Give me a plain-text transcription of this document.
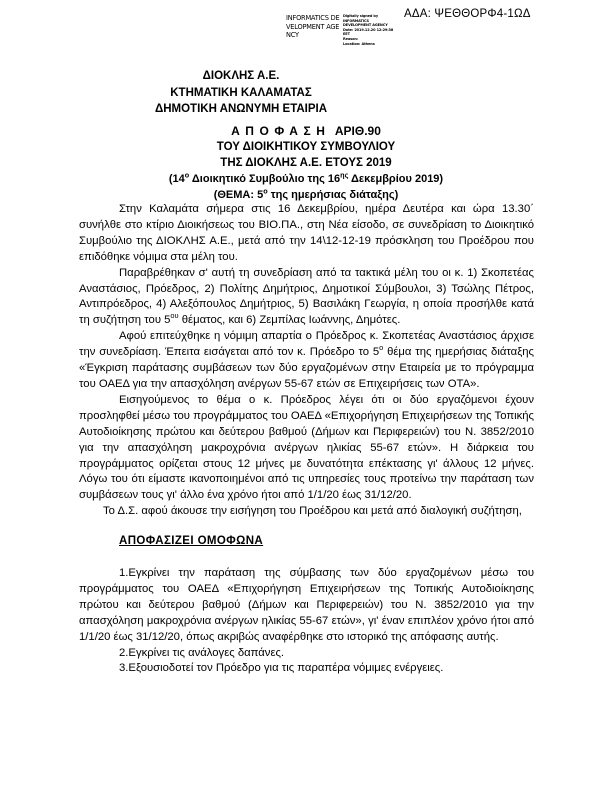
ΑΔΑ: ΨΕΘΘΟΡΦ4-1ΩΔ
INFORMATICS DEVELOPMENT AGENCY
Digitally signed by
INFORMATICS
DEVELOPMENT AGENCY
Date: 2019.12.20 12:29:38
EET
Reason:
Location: Athens
ΔΙΟΚΛΗΣ Α.Ε.
ΚΤΗΜΑΤΙΚΗ ΚΑΛΑΜΑΤΑΣ
ΔΗΜΟΤΙΚΗ ΑΝΩΝΥΜΗ ΕΤΑΙΡΙΑ
Α Π Ο Φ Α Σ Η ΑΡΙΘ.90
ΤΟΥ ΔΙΟΙΚΗΤΙΚΟΥ ΣΥΜΒΟΥΛΙΟΥ
ΤΗΣ ΔΙΟΚΛΗΣ Α.Ε. ΕΤΟΥΣ 2019
($14^o$ Διοικητικό Συμβούλιο της $16^{\eta\varsigma}$ Δεκεμβρίου 2019)
(ΘΕΜΑ: $5^o$ της ημερήσιας διάταξης)

Στην Καλαμάτα σήμερα στις 16 Δεκεμβρίου, ημέρα Δευτέρα και ώρα 13.30΄ συνήλθε στο κτίριο Διοικήσεως του ΒΙΟ.ΠΑ., στη Νέα είσοδο, σε συνεδρίαση το Διοικητικό Συμβούλιο της ΔΙΟΚΛΗΣ Α.Ε., μετά από την 14\12-12-19 πρόσκληση του Προέδρου που επιδόθηκε νόμιμα στα μέλη του.

Παραβρέθηκαν σ' αυτή τη συνεδρίαση από τα τακτικά μέλη του οι κ. 1) Σκοπετέας Αναστάσιος, Πρόεδρος, 2) Πολίτης Δημήτριος, Δημοτικοί Σύμβουλοι, 3) Τσώλης Πέτρος, Αντιπρόεδρος, 4) Αλεξόπουλος Δημήτριος, 5) Βασιλάκη Γεωργία, η οποία προσήλθε κατά τη συζήτηση του $5^{o\upsilon}$ θέματος, και 6) Ζεμπίλας Ιωάννης, Δημότες.

Αφού επιτεύχθηκε η νόμιμη απαρτία ο Πρόεδρος κ. Σκοπετέας Αναστάσιος άρχισε την συνεδρίαση. Έπειτα εισάγεται από τον κ. Πρόεδρο το $5^o$ θέμα της ημερήσιας διάταξης «Έγκριση παράτασης συμβάσεων των δύο εργαζομένων στην Εταιρεία με το πρόγραμμα του ΟΑΕΔ για την απασχόληση ανέργων 55-67 ετών σε Επιχειρήσεις των ΟΤΑ».

Εισηγούμενος το θέμα ο κ. Πρόεδρος λέγει ότι οι δύο εργαζόμενοι έχουν προσληφθεί μέσω του προγράμματος του ΟΑΕΔ «Επιχορήγηση Επιχειρήσεων της Τοπικής Αυτοδιοίκησης πρώτου και δεύτερου βαθμού (Δήμων και Περιφερειών) του Ν. 3852/2010 για την απασχόληση μακροχρόνια ανέργων ηλικίας 55-67 ετών». Η διάρκεια του προγράμματος ορίζεται στους 12 μήνες με δυνατότητα επέκτασης γι' άλλους 12 μήνες. Λόγω του ότι είμαστε ικανοποιημένοι από τις υπηρεσίες τους προτείνω την παράταση των συμβάσεων τους γι' άλλο ένα χρόνο ήτοι από 1/1/20 έως 31/12/20.

Το Δ.Σ. αφού άκουσε την εισήγηση του Προέδρου και μετά από διαλογική συζήτηση,

ΑΠΟΦΑΣΙΖΕΙ ΟΜΟΦΩΝΑ

1.Εγκρίνει την παράταση της σύμβασης των δύο εργαζομένων μέσω του προγράμματος του ΟΑΕΔ «Επιχορήγηση Επιχειρήσεων της Τοπικής Αυτοδιοίκησης πρώτου και δεύτερου βαθμού (Δήμων και Περιφερειών) του Ν. 3852/2010 για την απασχόληση μακροχρόνια ανέργων ηλικίας 55-67 ετών», γι' έναν επιπλέον χρόνο ήτοι από 1/1/20 έως 31/12/20, όπως ακριβώς αναφέρθηκε στο ιστορικό της απόφασης αυτής.

2.Εγκρίνει τις ανάλογες δαπάνες.

3.Εξουσιοδοτεί τον Πρόεδρο για τις παραπέρα νόμιμες ενέργειες.
